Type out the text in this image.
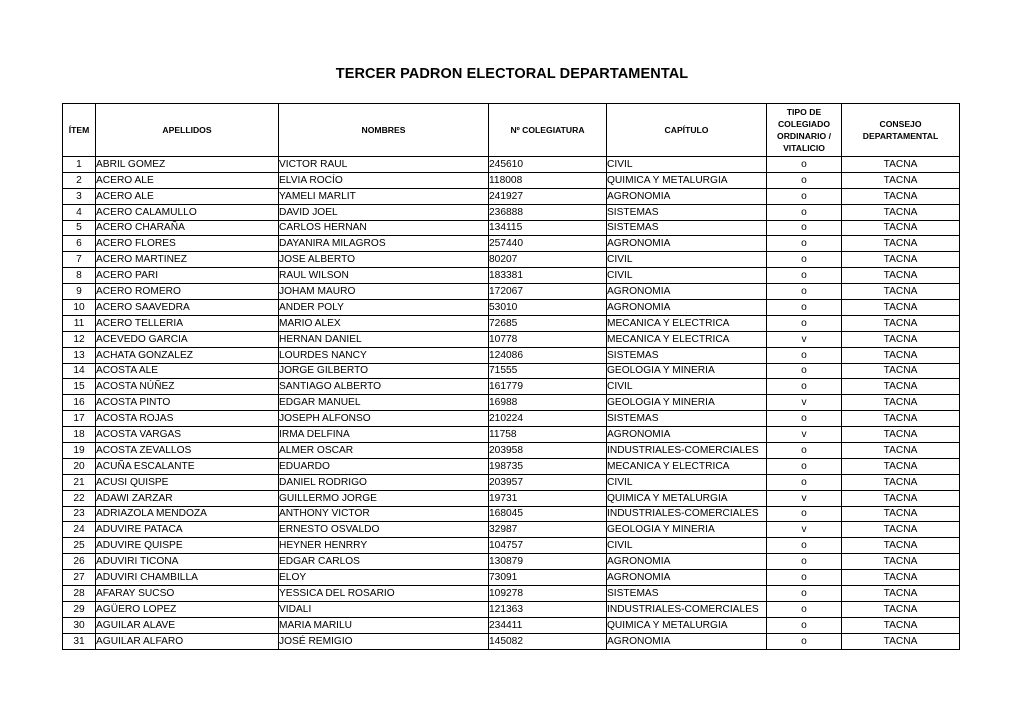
TERCER PADRON ELECTORAL DEPARTAMENTAL
ÍTEM	APELLIDOS	NOMBRES	Nº COLEGIATURA	CAPÍTULO	TIPO DE COLEGIADO ORDINARIO / VITALICIO	CONSEJO DEPARTAMENTAL
1	ABRIL GOMEZ	VICTOR RAUL	245610	CIVIL	o	TACNA
2	ACERO ALE	ELVIA ROCÍO	118008	QUIMICA Y METALURGIA	o	TACNA
3	ACERO ALE	YAMELI MARLIT	241927	AGRONOMIA	o	TACNA
4	ACERO CALAMULLO	DAVID JOEL	236888	SISTEMAS	o	TACNA
5	ACERO CHARAÑA	CARLOS HERNAN	134115	SISTEMAS	o	TACNA
6	ACERO FLORES	DAYANIRA MILAGROS	257440	AGRONOMIA	o	TACNA
7	ACERO MARTINEZ	JOSE ALBERTO	80207	CIVIL	o	TACNA
8	ACERO PARI	RAUL WILSON	183381	CIVIL	o	TACNA
9	ACERO ROMERO	JOHAM MAURO	172067	AGRONOMIA	o	TACNA
10	ACERO SAAVEDRA	ANDER POLY	53010	AGRONOMIA	o	TACNA
11	ACERO TELLERIA	MARIO ALEX	72685	MECANICA Y ELECTRICA	o	TACNA
12	ACEVEDO GARCIA	HERNAN DANIEL	10778	MECANICA Y ELECTRICA	v	TACNA
13	ACHATA GONZALEZ	LOURDES NANCY	124086	SISTEMAS	o	TACNA
14	ACOSTA ALE	JORGE GILBERTO	71555	GEOLOGIA Y MINERIA	o	TACNA
15	ACOSTA NÚÑEZ	SANTIAGO ALBERTO	161779	CIVIL	o	TACNA
16	ACOSTA PINTO	EDGAR MANUEL	16988	GEOLOGIA Y MINERIA	v	TACNA
17	ACOSTA ROJAS	JOSEPH ALFONSO	210224	SISTEMAS	o	TACNA
18	ACOSTA VARGAS	IRMA DELFINA	11758	AGRONOMIA	v	TACNA
19	ACOSTA ZEVALLOS	ALMER OSCAR	203958	INDUSTRIALES-COMERCIALES	o	TACNA
20	ACUÑA ESCALANTE	EDUARDO	198735	MECANICA Y ELECTRICA	o	TACNA
21	ACUSI QUISPE	DANIEL RODRIGO	203957	CIVIL	o	TACNA
22	ADAWI ZARZAR	GUILLERMO JORGE	19731	QUIMICA Y METALURGIA	v	TACNA
23	ADRIAZOLA MENDOZA	ANTHONY VICTOR	168045	INDUSTRIALES-COMERCIALES	o	TACNA
24	ADUVIRE PATACA	ERNESTO OSVALDO	32987	GEOLOGIA Y MINERIA	v	TACNA
25	ADUVIRE QUISPE	HEYNER HENRRY	104757	CIVIL	o	TACNA
26	ADUVIRI TICONA	EDGAR CARLOS	130879	AGRONOMIA	o	TACNA
27	ADUVIRI CHAMBILLA	ELOY	73091	AGRONOMIA	o	TACNA
28	AFARAY SUCSO	YESSICA DEL ROSARIO	109278	SISTEMAS	o	TACNA
29	AGÜERO LOPEZ	VIDALI	121363	INDUSTRIALES-COMERCIALES	o	TACNA
30	AGUILAR ALAVE	MARIA MARILU	234411	QUIMICA Y METALURGIA	o	TACNA
31	AGUILAR ALFARO	JOSÉ REMIGIO	145082	AGRONOMIA	o	TACNA
